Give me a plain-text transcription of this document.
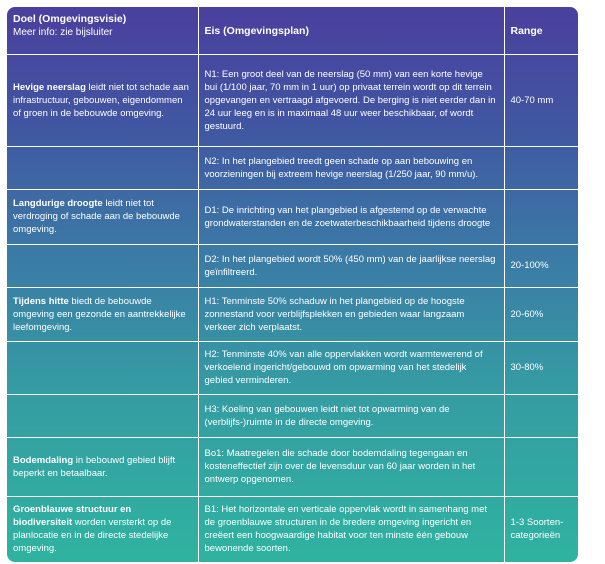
Doel (Omgevingsvisie)
Meer info: zie bijsluiter	Eis (Omgevingsplan)	Range
Hevige neerslag leidt niet tot schade aan infrastructuur, gebouwen, eigendommen of groen in de bebouwde omgeving.	N1: Een groot deel van de neerslag (50 mm) van een korte hevige bui (1/100 jaar, 70 mm in 1 uur) op privaat terrein wordt op dit terrein opgevangen en vertraagd afgevoerd. De berging is niet eerder dan in 24 uur leeg en is in maximaal 48 uur weer beschikbaar, of wordt gestuurd.	40-70 mm
	N2: In het plangebied treedt geen schade op aan bebouwing en voorzieningen bij extreem hevige neerslag (1/250 jaar, 90 mm/u).	
Langdurige droogte leidt niet tot verdroging of schade aan de bebouwde omgeving.	D1: De inrichting van het plangebied is afgestemd op de verwachte grondwaterstanden en de zoetwaterbeschikbaarheid tijdens droogte	
	D2: In het plangebied wordt 50% (450 mm) van de jaarlijkse neerslag geïnfiltreerd.	20-100%
Tijdens hitte biedt de bebouwde omgeving een gezonde en aantrekkelijke leefomgeving.	H1: Tenminste 50% schaduw in het plangebied op de hoogste zonnestand voor verblijfsplekken en gebieden waar langzaam verkeer zich verplaatst.	20-60%
	H2: Tenminste 40% van alle oppervlakken wordt warmtewerend of verkoelend ingericht/gebouwd om opwarming van het stedelijk gebied verminderen.	30-80%
	H3: Koeling van gebouwen leidt niet tot opwarming van de (verblijfs-)ruimte in de directe omgeving.	
Bodemdaling in bebouwd gebied blijft beperkt en betaalbaar.	Bo1: Maatregelen die schade door bodemdaling tegengaan en kosteneffectief zijn over de levensduur van 60 jaar worden in het ontwerp opgenomen.	
Groenblauwe structuur en biodiversiteit worden versterkt op de planlocatie en in de directe stedelijke omgeving.	B1: Het horizontale en verticale oppervlak wordt in samenhang met de groenblauwe structuren in de bredere omgeving ingericht en creëert een hoogwaardige habitat voor ten minste één gebouw bewonende soorten.	1-3 Soorten-categorieën
